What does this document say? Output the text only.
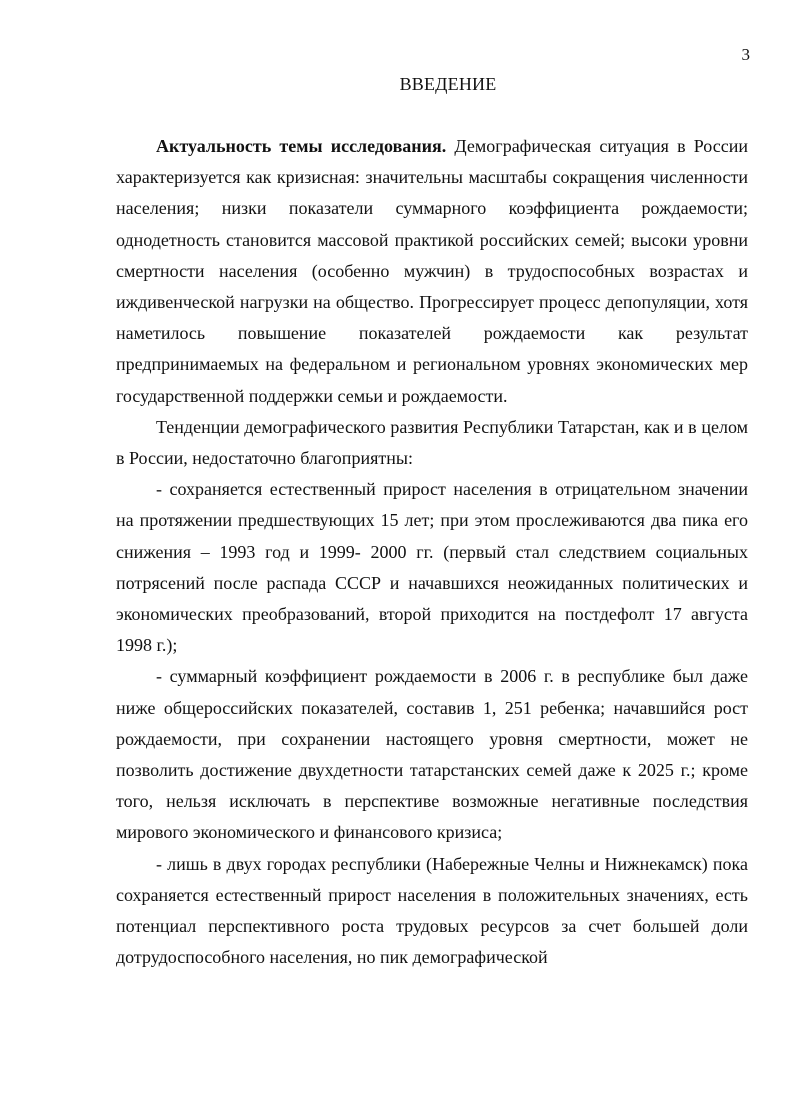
3
ВВЕДЕНИЕ

Актуальность темы исследования. Демографическая ситуация в России характеризуется как кризисная: значительны масштабы сокращения численности населения; низки показатели суммарного коэффициента рождаемости; однодетность становится массовой практикой российских семей; высоки уровни смертности населения (особенно мужчин) в трудоспособных возрастах и иждивенческой нагрузки на общество. Прогрессирует процесс депопуляции, хотя наметилось повышение показателей рождаемости как результат предпринимаемых на федеральном и региональном уровнях экономических мер государственной поддержки семьи и рождаемости.

Тенденции демографического развития Республики Татарстан, как и в целом в России, недостаточно благоприятны:

- сохраняется естественный прирост населения в отрицательном значении на протяжении предшествующих 15 лет; при этом прослеживаются два пика его снижения – 1993 год и 1999- 2000 гг. (первый стал следствием социальных потрясений после распада СССР и начавшихся неожиданных политических и экономических преобразований, второй приходится на постдефолт 17 августа 1998 г.);

- суммарный коэффициент рождаемости в 2006 г. в республике был даже ниже общероссийских показателей, составив 1, 251 ребенка; начавшийся рост рождаемости, при сохранении настоящего уровня смертности, может не позволить достижение двухдетности татарстанских семей даже к 2025 г.; кроме того, нельзя исключать в перспективе возможные негативные последствия мирового экономического и финансового кризиса;

- лишь в двух городах республики (Набережные Челны и Нижнекамск) пока сохраняется естественный прирост населения в положительных значениях, есть потенциал перспективного роста трудовых ресурсов за счет большей доли дотрудоспособного населения, но пик демографической
